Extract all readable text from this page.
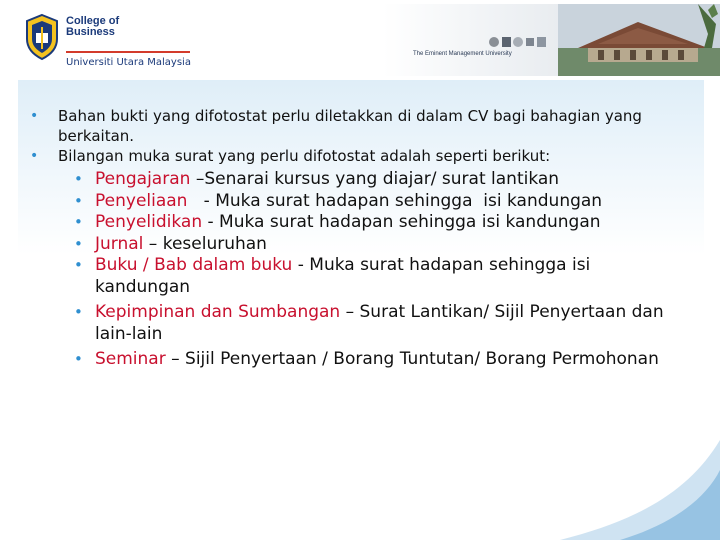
College of
Business
Universiti Utara Malaysia
The Eminent Management University

• Bahan bukti yang difotostat perlu diletakkan di dalam CV bagi bahagian yang berkaitan.

• Bilangan muka surat yang perlu difotostat adalah seperti berikut:

• Pengajaran –Senarai kursus yang diajar/ surat lantikan

• Penyeliaan   - Muka surat hadapan sehingga  isi kandungan

• Penyelidikan - Muka surat hadapan sehingga isi kandungan

• Jurnal – keseluruhan

• Buku / Bab dalam buku - Muka surat hadapan sehingga isi kandungan

• Kepimpinan dan Sumbangan – Surat Lantikan/ Sijil Penyertaan dan lain-lain

• Seminar – Sijil Penyertaan / Borang Tuntutan/ Borang Permohonan
